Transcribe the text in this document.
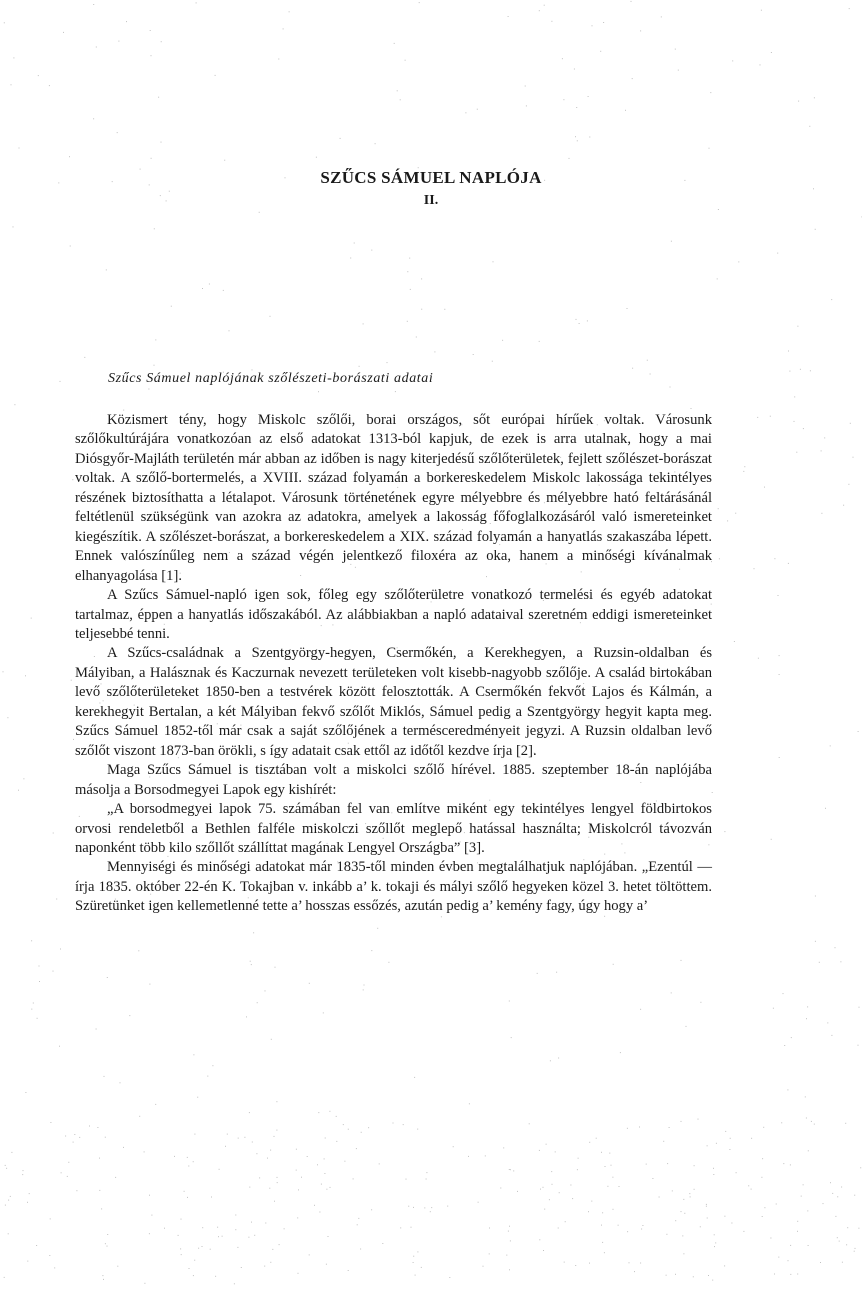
SZŰCS SÁMUEL NAPLÓJA
II.
Szűcs Sámuel naplójának szőlészeti-borászati adatai

Közismert tény, hogy Miskolc szőlői, borai országos, sőt európai hírűek voltak. Városunk szőlőkultúrájára vonatkozóan az első adatokat 1313-ból kapjuk, de ezek is arra utalnak, hogy a mai Diósgyőr-Majláth területén már abban az időben is nagy kiterjedésű szőlőterületek, fejlett szőlészet-borászat voltak. A szőlő-bortermelés, a XVIII. század folyamán a borkereskedelem Miskolc lakossága tekintélyes részének biztosíthatta a létalapot. Városunk történetének egyre mélyebbre és mélyebbre ható feltárásánál feltétlenül szükségünk van azokra az adatokra, amelyek a lakosság főfoglalkozásáról való ismereteinket kiegészítik. A szőlészet-borászat, a borkereskedelem a XIX. század folyamán a hanyatlás szakaszába lépett. Ennek valószínűleg nem a század végén jelentkező filoxéra az oka, hanem a minőségi kívánalmak elhanyagolása [1].

A Szűcs Sámuel-napló igen sok, főleg egy szőlőterületre vonatkozó termelési és egyéb adatokat tartalmaz, éppen a hanyatlás időszakából. Az alábbiakban a napló adataival szeretném eddigi ismereteinket teljesebbé tenni.

A Szűcs-családnak a Szentgyörgy-hegyen, Csermőkén, a Kerekhegyen, a Ruzsin-oldalban és Mályiban, a Halásznak és Kaczurnak nevezett területeken volt kisebb-nagyobb szőlője. A család birtokában levő szőlőterületeket 1850-ben a testvérek között felosztották. A Csermőkén fekvőt Lajos és Kálmán, a kerekhegyit Bertalan, a két Mályiban fekvő szőlőt Miklós, Sámuel pedig a Szentgyörgy hegyit kapta meg. Szűcs Sámuel 1852-től már csak a saját szőlőjének a termésceredményeit jegyzi. A Ruzsin oldalban levő szőlőt viszont 1873-ban örökli, s így adatait csak ettől az időtől kezdve írja [2].

Maga Szűcs Sámuel is tisztában volt a miskolci szőlő hírével. 1885. szeptember 18-án naplójába másolja a Borsodmegyei Lapok egy kishírét:

„A borsodmegyei lapok 75. számában fel van említve miként egy tekintélyes lengyel földbirtokos orvosi rendeletből a Bethlen falféle miskolczi szőllőt meglepő hatással használta; Miskolcról távozván naponként több kilo szőllőt szállíttat magának Lengyel Országba” [3].

Mennyiségi és minőségi adatokat már 1835-től minden évben megtalálhatjuk naplójában. „Ezentúl — írja 1835. október 22-én K. Tokajban v. inkább a’ k. tokaji és mályi szőlő hegyeken közel 3. hetet töltöttem. Szüretünket igen kellemetlenné tette a’ hosszas essőzés, azután pedig a’ kemény fagy, úgy hogy a’
